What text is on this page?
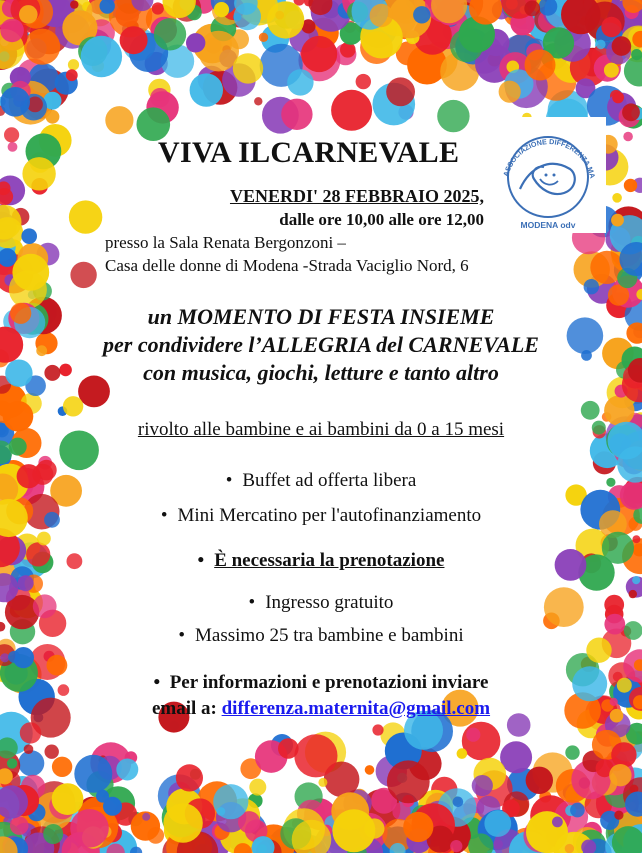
VIVA ILCARNEVALE
VENERDI' 28 FEBBRAIO 2025,
dalle ore 10,00 alle ore 12,00
presso la Sala Renata Bergonzoni –
Casa delle donne di Modena -Strada Vaciglio Nord, 6
ASSOCIAZIONE DIFFERENZA MA
MODENA odv
un MOMENTO DI FESTA INSIEME
per condividere l’ALLEGRIA del CARNEVALE
con musica, giochi, letture e tanto altro
rivolto alle bambine e ai bambini da 0 a 15 mesi
• Buffet ad offerta libera
• Mini Mercatino per l'autofinanziamento
• È necessaria la prenotazione
• Ingresso gratuito
• Massimo 25 tra bambine e bambini
•  Per informazioni e prenotazioni inviare
email a: differenza.maternita@gmail.com
